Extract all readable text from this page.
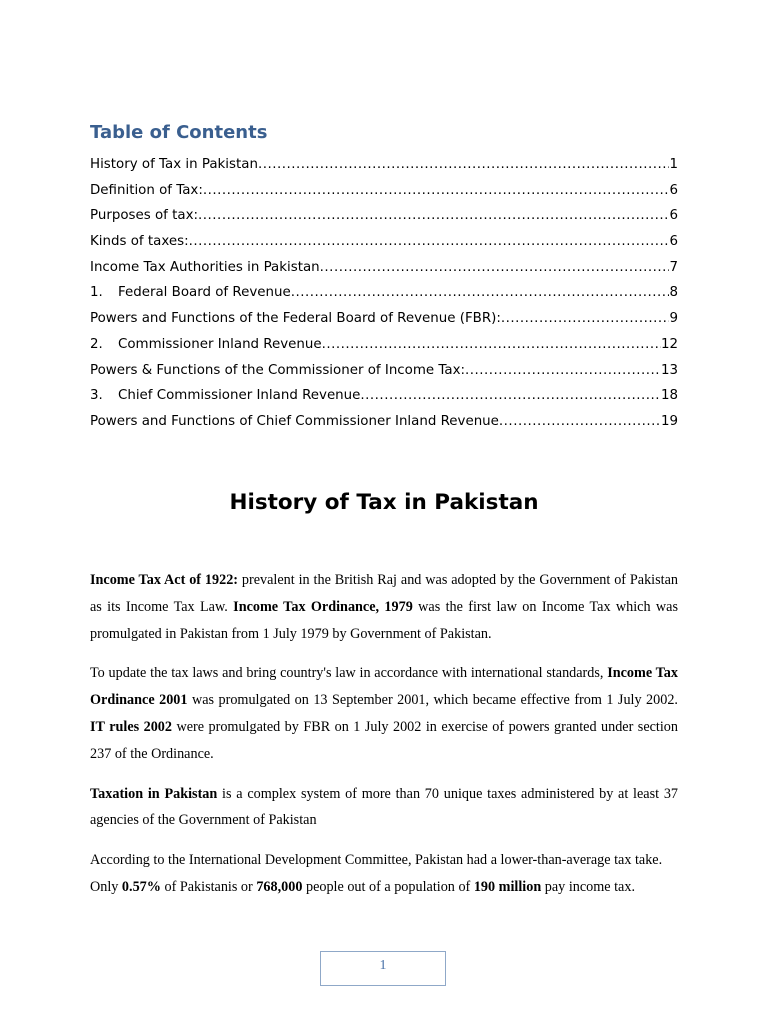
Table of Contents
History of Tax in Pakistan .....	1
Definition of Tax: .....	6
Purposes of tax: .....	6
Kinds of taxes: .....	6
Income Tax Authorities in Pakistan .....	7
1.	Federal Board of Revenue .....	8
Powers and Functions of the Federal Board of Revenue (FBR): .....	9
2.	Commissioner Inland Revenue .....	12
Powers & Functions of the Commissioner of Income Tax: .....	13
3.	Chief Commissioner Inland Revenue .....	18
Powers and Functions of Chief Commissioner Inland Revenue .....	19
History of Tax in Pakistan

Income Tax Act of 1922: prevalent in the British Raj and was adopted by the Government of Pakistan as its Income Tax Law. Income Tax Ordinance, 1979 was the first law on Income Tax which was promulgated in Pakistan from 1 July 1979 by Government of Pakistan.

To update the tax laws and bring country's law in accordance with international standards, Income Tax Ordinance 2001 was promulgated on 13 September 2001, which became effective from 1 July 2002. IT rules 2002 were promulgated by FBR on 1 July 2002 in exercise of powers granted under section 237 of the Ordinance.

Taxation in Pakistan is a complex system of more than 70 unique taxes administered by at least 37 agencies of the Government of Pakistan

According to the International Development Committee, Pakistan had a lower-than-average tax take. Only 0.57% of Pakistanis or 768,000 people out of a population of 190 million pay income tax.

1
